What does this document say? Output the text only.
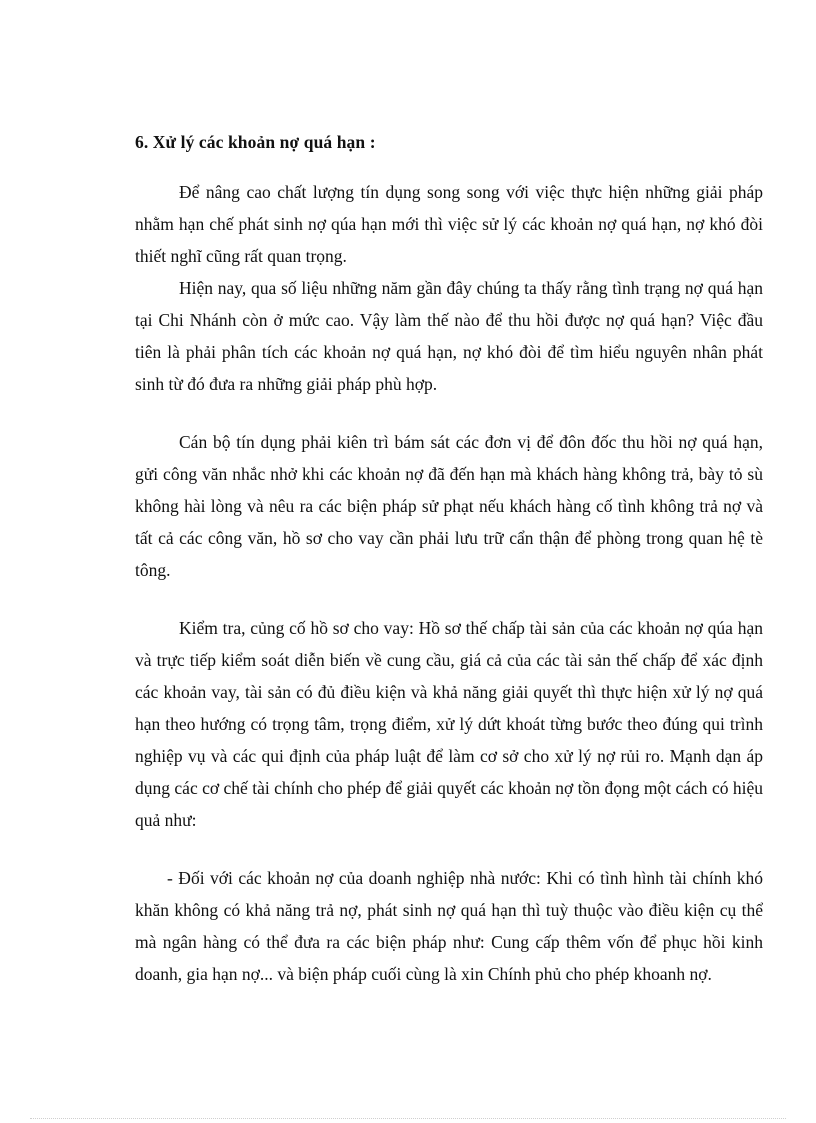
6. Xử lý các khoản nợ quá hạn :

Để nâng cao chất lượng tín dụng song song với việc thực hiện những giải pháp nhằm hạn chế phát sinh nợ qúa hạn mới thì việc sử lý các khoản nợ quá hạn, nợ khó đòi thiết nghĩ cũng rất quan trọng.

Hiện nay, qua số liệu những năm gần đây chúng ta thấy rằng tình trạng nợ quá hạn tại Chi Nhánh còn ở mức cao. Vậy làm thế nào để thu hồi được nợ quá hạn? Việc đầu tiên là phải phân tích các khoản nợ quá hạn, nợ khó đòi để tìm hiểu nguyên nhân phát sinh từ đó đưa ra những giải pháp phù hợp.

Cán bộ tín dụng phải kiên trì bám sát các đơn vị để đôn đốc thu hồi nợ quá hạn, gửi công văn nhắc nhở khi các khoản nợ đã đến hạn mà khách hàng không trả, bày tỏ sù không hài lòng và nêu ra các biện pháp sử phạt nếu khách hàng cố tình không trả nợ và tất cả các công văn, hồ sơ cho vay cần phải lưu trữ cẩn thận để phòng trong quan hệ tè tông.

Kiểm tra, củng cố hồ sơ cho vay: Hồ sơ thế chấp tài sản của các khoản nợ qúa hạn và trực tiếp kiểm soát diễn biến về cung cầu, giá cả của các tài sản thế chấp để xác định các khoản vay, tài sản có đủ điều kiện và khả năng giải quyết thì thực hiện xử lý nợ quá hạn theo hướng có trọng tâm, trọng điểm, xử lý dứt khoát từng bước theo đúng qui trình nghiệp vụ và các qui định của pháp luật để làm cơ sở cho xử lý nợ rủi ro. Mạnh dạn áp dụng các cơ chế tài chính cho phép để giải quyết các khoản nợ tồn đọng một cách có hiệu quả như:

- Đối với các khoản nợ của doanh nghiệp nhà nước: Khi có tình hình tài chính khó khăn không có khả năng trả nợ, phát sinh nợ quá hạn thì tuỳ thuộc vào điều kiện cụ thể mà ngân hàng có thể đưa ra các biện pháp như: Cung cấp thêm vốn để phục hồi kinh doanh, gia hạn nợ... và biện pháp cuối cùng là xin Chính phủ cho phép khoanh nợ.
